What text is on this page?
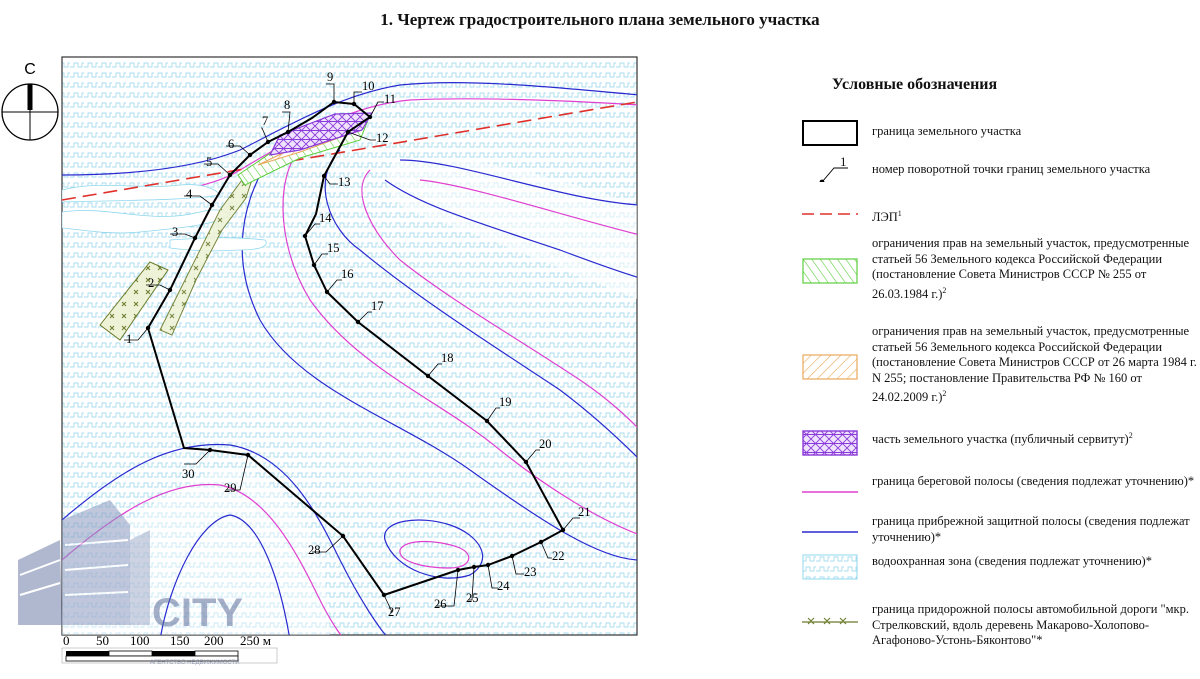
1. Чертеж градостроительного плана земельного участка
1
2
3
4
5
6
7
8
9
10
11
12
13
14
15
16
17
18
19
20
21
22
23
24
25
26
27
28
29
30
С
0 50 100 150 200 250 м
CITY
АГЕНТСТВО НЕДВИЖИМОСТИ
Условные обозначения
граница земельного участка
1 номер поворотной точки границ земельного участка
ЛЭП$^1$
ограничения прав на земельный участок, предусмотренные статьей 56 Земельного кодекса Российской Федерации (постановление Совета Министров СССР № 255 от 26.03.1984 г.)$^2$
ограничения прав на земельный участок, предусмотренные статьей 56 Земельного кодекса Российской Федерации (постановление Совета Министров СССР от 26 марта 1984 г. N 255; постановление Правительства РФ № 160 от 24.02.2009 г.)$^2$
часть земельного участка (публичный сервитут)$^2$
граница береговой полосы (сведения подлежат уточнению)*
граница прибрежной защитной полосы (сведения подлежат уточнению)*
водоохранная зона (сведения подлежат уточнению)*
граница придорожной полосы автомобильной дороги "мкр. Стрелковский, вдоль деревень Макарово-Холопово-Агафоново-Устонь-Бяконтово"*
